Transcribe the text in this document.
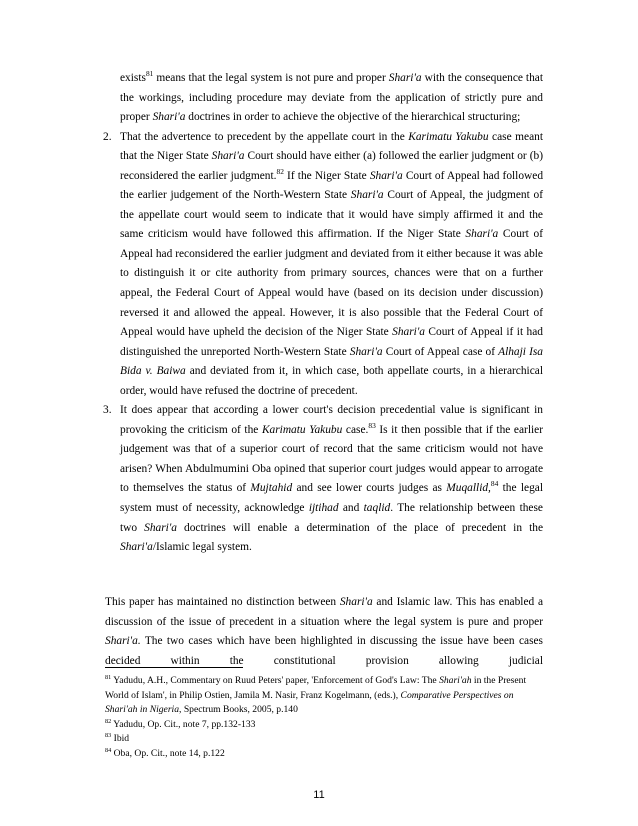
exists$^{81}$ means that the legal system is not pure and proper Shari'a with the consequence that the workings, including procedure may deviate from the application of strictly pure and proper Shari'a doctrines in order to achieve the objective of the hierarchical structuring;

2. That the advertence to precedent by the appellate court in the Karimatu Yakubu case meant that the Niger State Shari'a Court should have either (a) followed the earlier judgment or (b) reconsidered the earlier judgment.$^{82}$ If the Niger State Shari'a Court of Appeal had followed the earlier judgement of the North-Western State Shari'a Court of Appeal, the judgment of the appellate court would seem to indicate that it would have simply affirmed it and the same criticism would have followed this affirmation. If the Niger State Shari'a Court of Appeal had reconsidered the earlier judgment and deviated from it either because it was able to distinguish it or cite authority from primary sources, chances were that on a further appeal, the Federal Court of Appeal would have (based on its decision under discussion) reversed it and allowed the appeal. However, it is also possible that the Federal Court of Appeal would have upheld the decision of the Niger State Shari'a Court of Appeal if it had distinguished the unreported North-Western State Shari'a Court of Appeal case of Alhaji Isa Bida v. Baiwa and deviated from it, in which case, both appellate courts, in a hierarchical order, would have refused the doctrine of precedent.

3. It does appear that according a lower court's decision precedential value is significant in provoking the criticism of the Karimatu Yakubu case.$^{83}$ Is it then possible that if the earlier judgement was that of a superior court of record that the same criticism would not have arisen? When Abdulmumini Oba opined that superior court judges would appear to arrogate to themselves the status of Mujtahid and see lower courts judges as Muqallid,$^{84}$ the legal system must of necessity, acknowledge ijtihad and taqlid. The relationship between these two Shari'a doctrines will enable a determination of the place of precedent in the Shari'a/Islamic legal system.

This paper has maintained no distinction between Shari'a and Islamic law. This has enabled a discussion of the issue of precedent in a situation where the legal system is pure and proper Shari'a. The two cases which have been highlighted in discussing the issue have been cases decided within the constitutional provision allowing judicial

$^{81}$ Yadudu, A.H., Commentary on Ruud Peters' paper, 'Enforcement of God's Law: The Shari'ah in the Present World of Islam', in Philip Ostien, Jamila M. Nasir, Franz Kogelmann, (eds.), Comparative Perspectives on Shari'ah in Nigeria, Spectrum Books, 2005, p.140

$^{82}$ Yadudu, Op. Cit., note 7, pp.132-133

$^{83}$ Ibid

$^{84}$ Oba, Op. Cit., note 14, p.122

11
